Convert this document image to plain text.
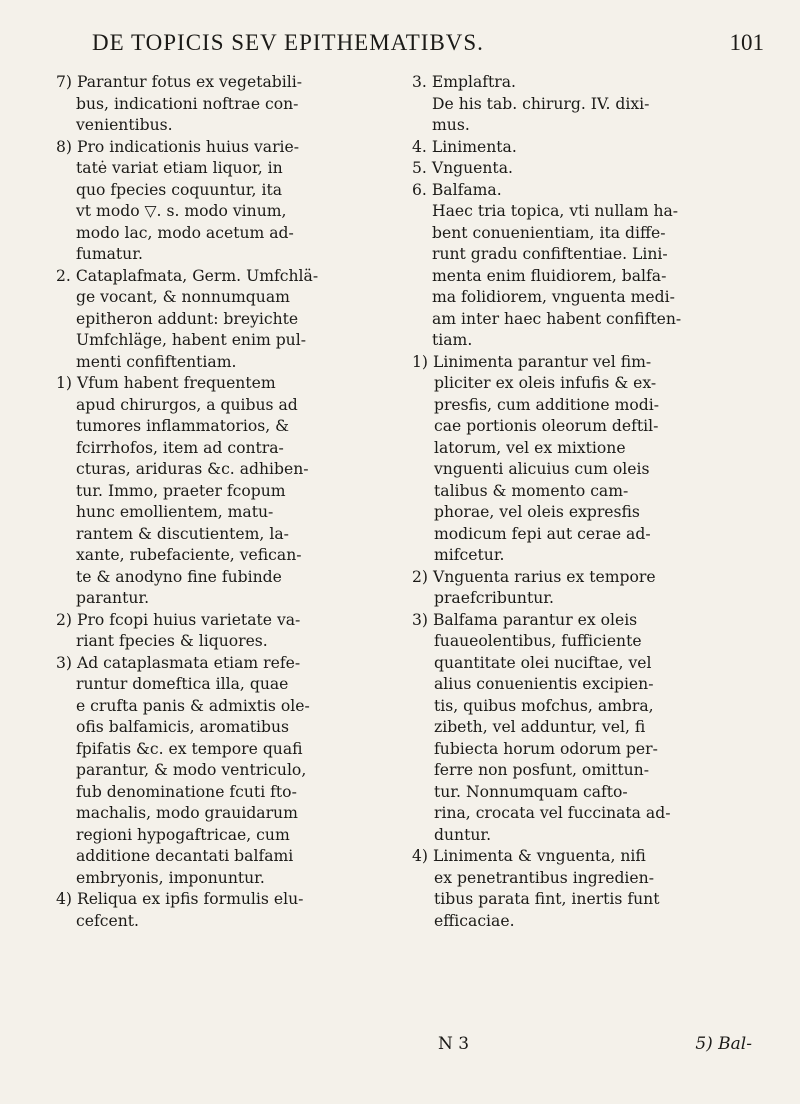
DE TOPICIS SEV EPITHEMATIBVS.	101
7) Parantur fotus ex vegetabili-
bus, indicationi noftrae con-
venientibus.
8) Pro indicationis huius varie-
tatė variat etiam liquor, in
quo fpecies coquuntur, ita
vt modo ▽. s. modo vinum,
modo lac, modo acetum ad-
fumatur.
2. Cataplafmata, Germ. Umfchlä-
ge vocant, & nonnumquam
epitheron addunt: breyichte
Umfchläge, habent enim pul-
menti confiftentiam.
1) Vfum habent frequentem
apud chirurgos, a quibus ad
tumores inflammatorios, &
fcirrhofos, item ad contra-
cturas, ariduras &c. adhiben-
tur. Immo, praeter fcopum
hunc emollientem, matu-
rantem & discutientem, la-
xante, rubefaciente, vefican-
te & anodyno fine fubinde
parantur.
2) Pro fcopi huius varietate va-
riant fpecies & liquores.
3) Ad cataplasmata etiam refe-
runtur domeftica illa, quae
e crufta panis & admixtis ole-
ofis balfamicis, aromatibus
fpifatis &c. ex tempore quafi
parantur, & modo ventriculo,
fub denominatione fcuti fto-
machalis, modo grauidarum
regioni hypogaftricae, cum
additione decantati balfami
embryonis, imponuntur.
4) Reliqua ex ipfis formulis elu-
cefcent.
3. Emplaftra.
De his tab. chirurg. IV. dixi-
mus.
4. Linimenta.
5. Vnguenta.
6. Balfama.
Haec tria topica, vti nullam ha-
bent conuenientiam, ita diffe-
runt gradu confiftentiae. Lini-
menta enim fluidiorem, balfa-
ma folidiorem, vnguenta medi-
am inter haec habent confiften-
tiam.
1) Linimenta parantur vel fim-
pliciter ex oleis infufis & ex-
presfis, cum additione modi-
cae portionis oleorum deftil-
latorum, vel ex mixtione
vnguenti alicuius cum oleis
talibus & momento cam-
phorae, vel oleis expresfis
modicum fepi aut cerae ad-
mifcetur.
2) Vnguenta rarius ex tempore
praefcribuntur.
3) Balfama parantur ex oleis
fuaueolentibus, fufficiente
quantitate olei nuciftae, vel
alius conuenientis excipien-
tis, quibus mofchus, ambra,
zibeth, vel adduntur, vel, fi
fubiecta horum odorum per-
ferre non posfunt, omittun-
tur. Nonnumquam cafto-
rina, crocata vel fuccinata ad-
duntur.
4) Linimenta & vnguenta, nifi
ex penetrantibus ingredien-
tibus parata fint, inertis funt
efficaciae.
N 3	5) Bal-
